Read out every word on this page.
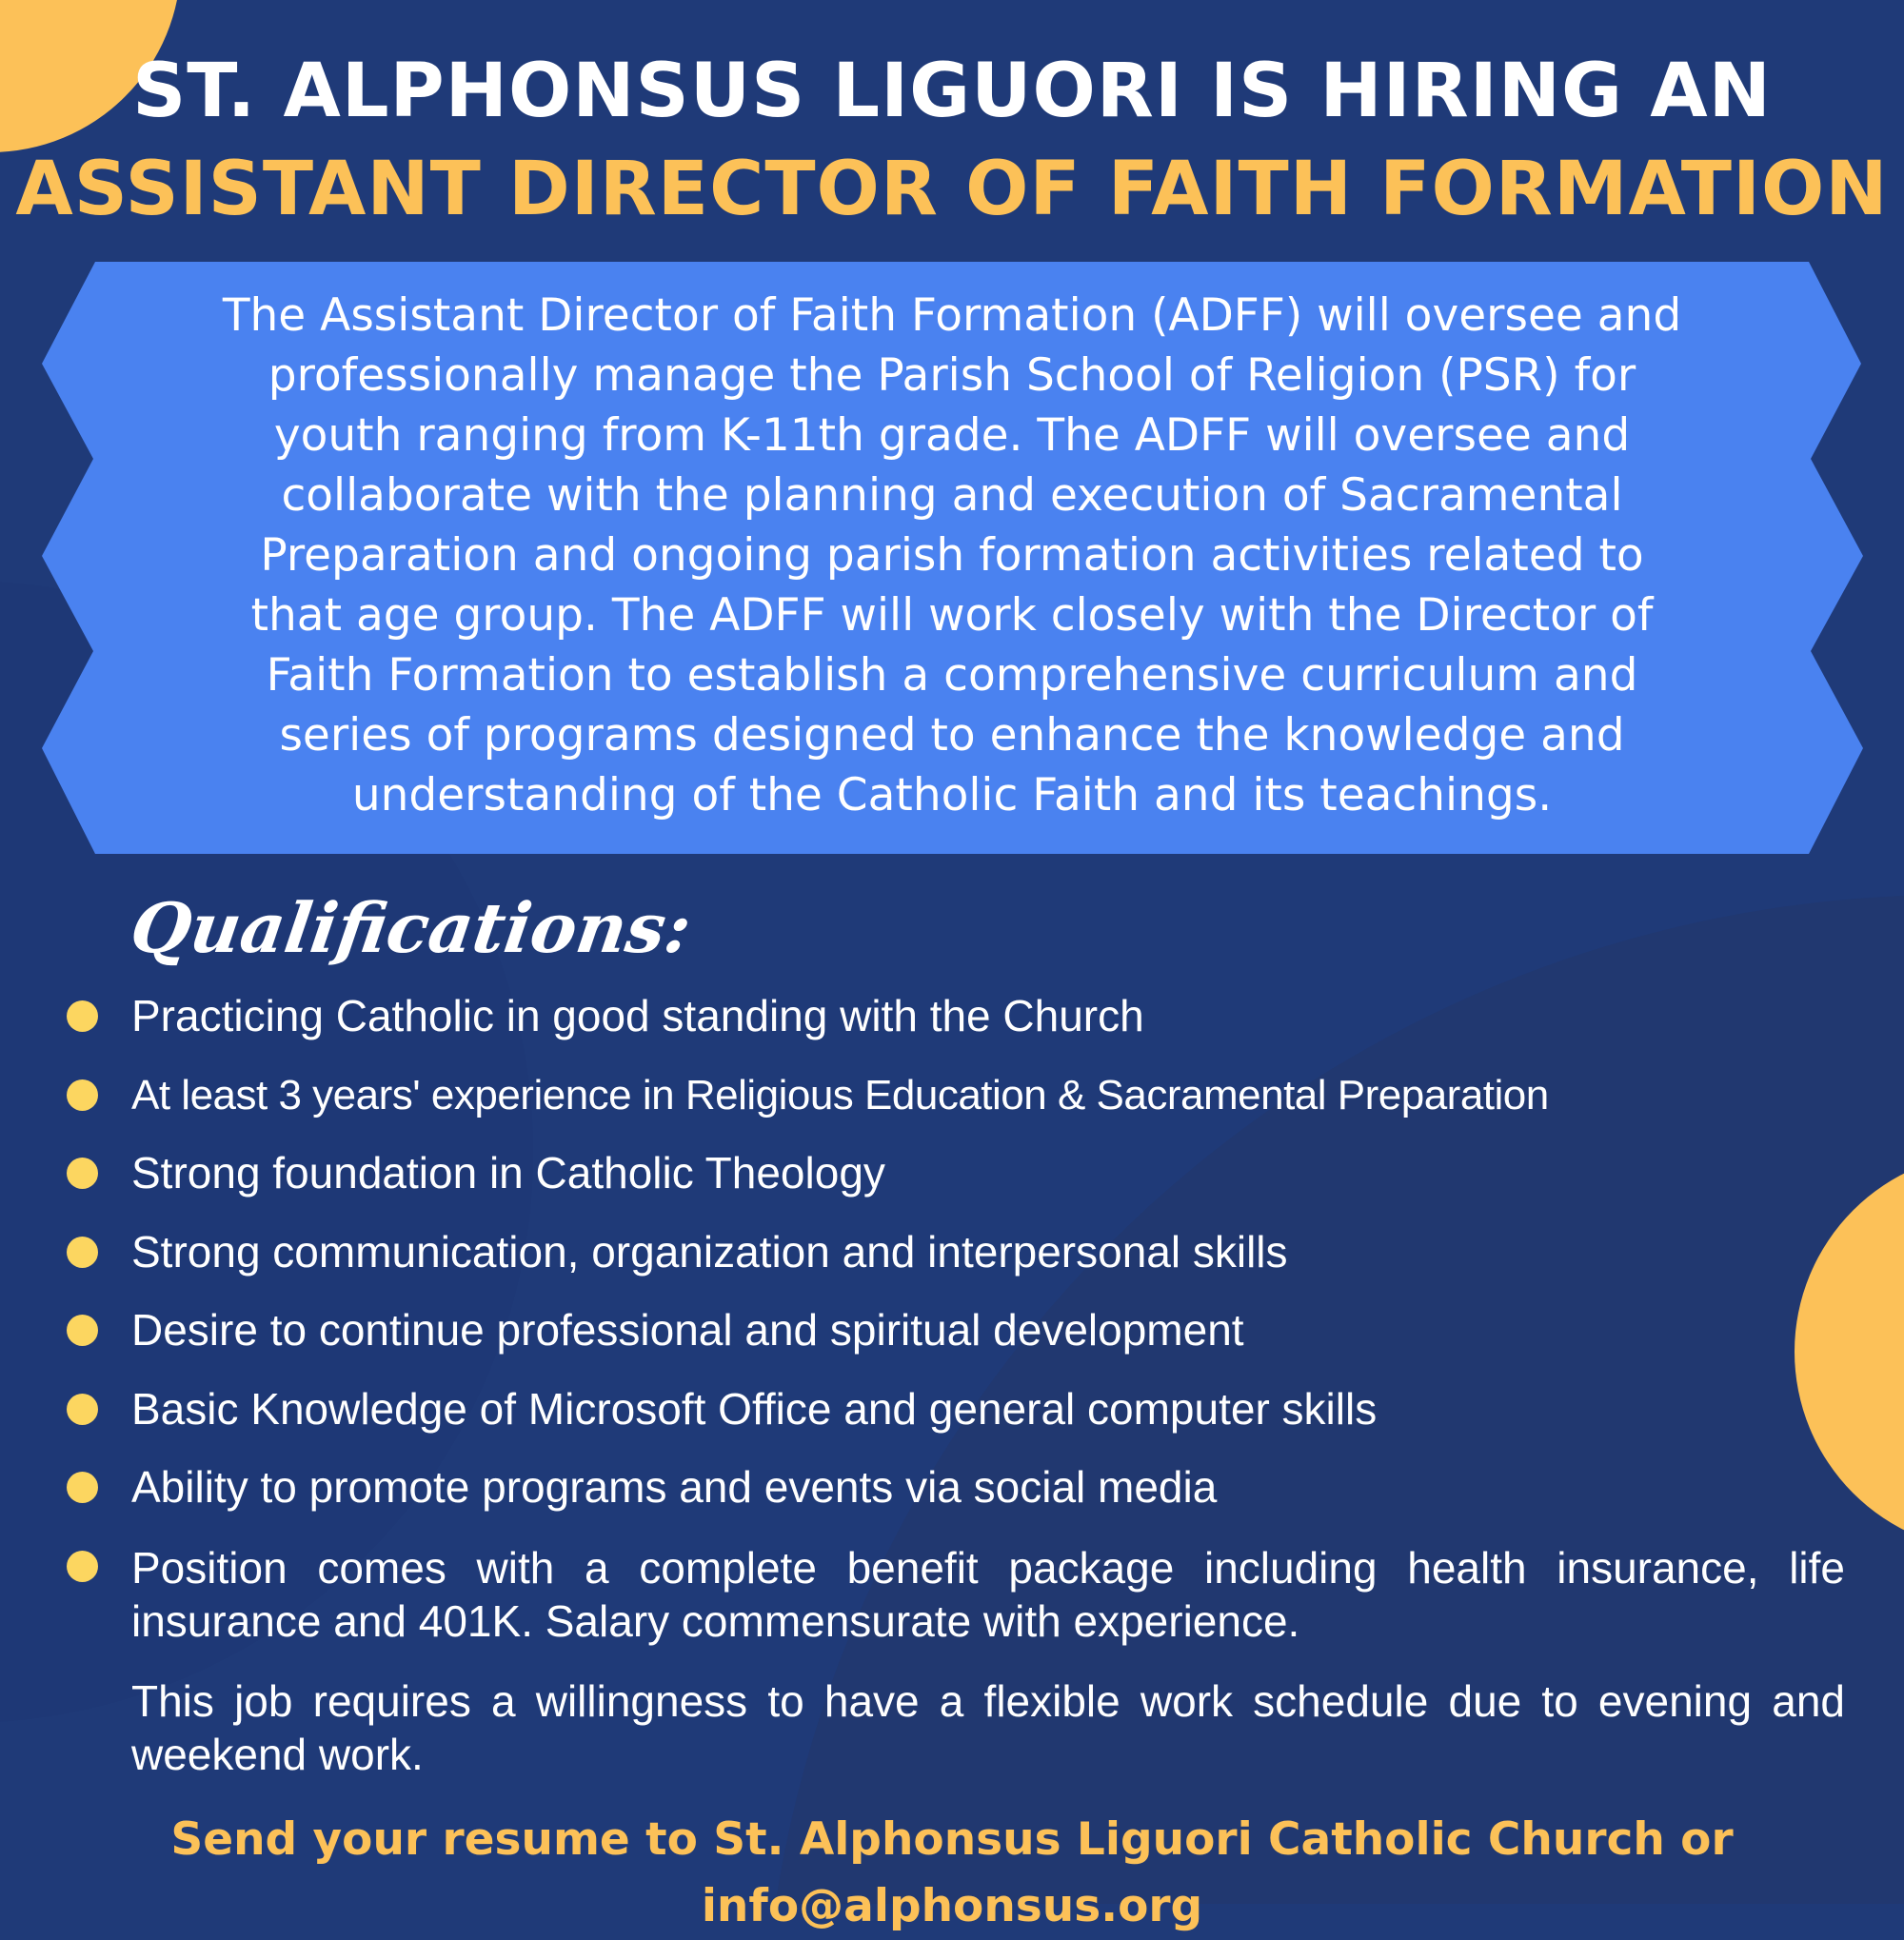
ST. ALPHONSUS LIGUORI IS HIRING AN
ASSISTANT DIRECTOR OF FAITH FORMATION
The Assistant Director of Faith Formation (ADFF) will oversee and
professionally manage the Parish School of Religion (PSR) for
youth ranging from K-11th grade. The ADFF will oversee and
collaborate with the planning and execution of Sacramental
Preparation and ongoing parish formation activities related to
that age group. The ADFF will work closely with the Director of
Faith Formation to establish a comprehensive curriculum and
series of programs designed to enhance the knowledge and
understanding of the Catholic Faith and its teachings.
Qualifications:
Practicing Catholic in good standing with the Church
At least 3 years' experience in Religious Education & Sacramental Preparation
Strong foundation in Catholic Theology
Strong communication, organization and interpersonal skills
Desire to continue professional and spiritual development
Basic Knowledge of Microsoft Office and general computer skills
Ability to promote programs and events via social media
Position comes with a complete benefit package including health insurance, life insurance and 401K. Salary commensurate with experience.
This job requires a willingness to have a flexible work schedule due to evening and weekend work.
Send your resume to St. Alphonsus Liguori Catholic Church or info@alphonsus.org
